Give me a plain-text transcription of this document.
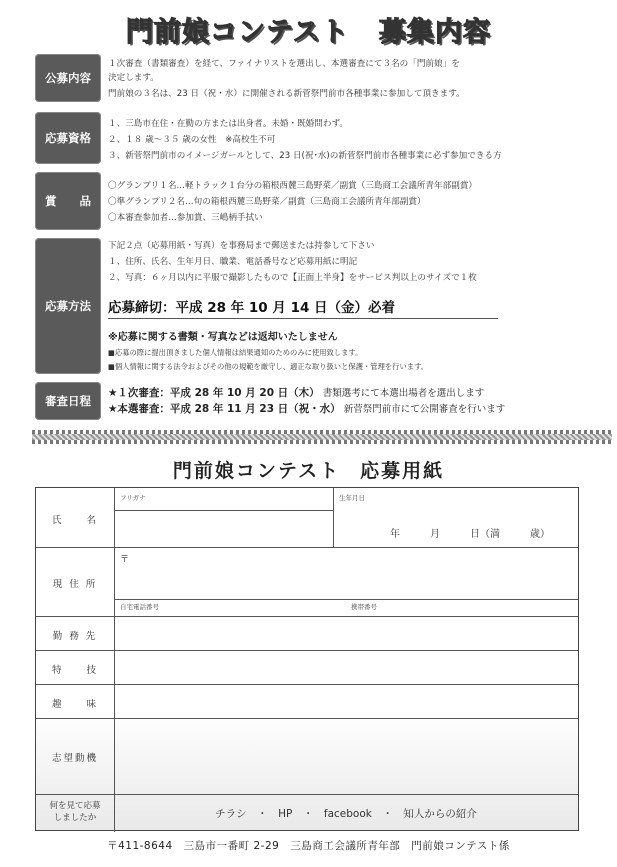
門前娘コンテスト 募集内容
公募内容
１次審査（書類審査）を経て、ファイナリストを選出し、本選審査にて３名の「門前娘」を
決定します。
門前娘の３名は、23 日（祝・水）に開催される新菅祭門前市各種事業に参加して頂きます。
応募資格
１、三島市在住・在勤の方または出身者。未婚・既婚問わず。
２、１８ 歳～３５ 歳の女性　※高校生不可
３、新菅祭門前市のイメージガールとして、23 日(祝･水)の新菅祭門前市各種事業に必ず参加できる方
賞　　品
〇グランプリ１名…軽トラック１台分の箱根西麓三島野菜／副賞（三島商工会議所青年部副賞）
〇準グランプリ２名…旬の箱根西麓三島野菜／副賞（三島商工会議所青年部副賞）
〇本審査参加者…参加賞、三嶋柄手拭い
応募方法
下記２点（応募用紙・写真）を事務局まで郵送または持参して下さい
１、住所、氏名、生年月日、職業、電話番号など応募用紙に明記
２、写真：６ヶ月以内に平服で撮影したもので【正面上半身】をサービス判以上のサイズで１枚
応募締切：平成 28 年 10 月 14 日（金）必着
※応募に関する書類・写真などは返却いたしません
■応募の際に提出頂きました個人情報は結果通知のためのみに使用致します。
■個人情報に関する法令およびその他の規範を厳守し、適正な取り扱いと保護・管理を行います。
審査日程
★１次審査：平成 28 年 10 月 20 日（木） 書類選考にて本選出場者を選出します
★本選審査：平成 28 年 11 月 23 日（祝・水） 新菅祭門前市にて公開審査を行います
門前娘コンテスト 応募用紙
氏　　名
フリガナ	生年月日
年　　　月　　　日（満　　　歳）
現 住 所
〒
自宅電話番号	携帯番号
勤 務 先
特　　技
趣　　味
志望動機
何を見て応募
しましたか	チラシ　・　HP　・　facebook　・　知人からの紹介
〒411-8644　三島市一番町 2-29　三島商工会議所青年部　門前娘コンテスト係
